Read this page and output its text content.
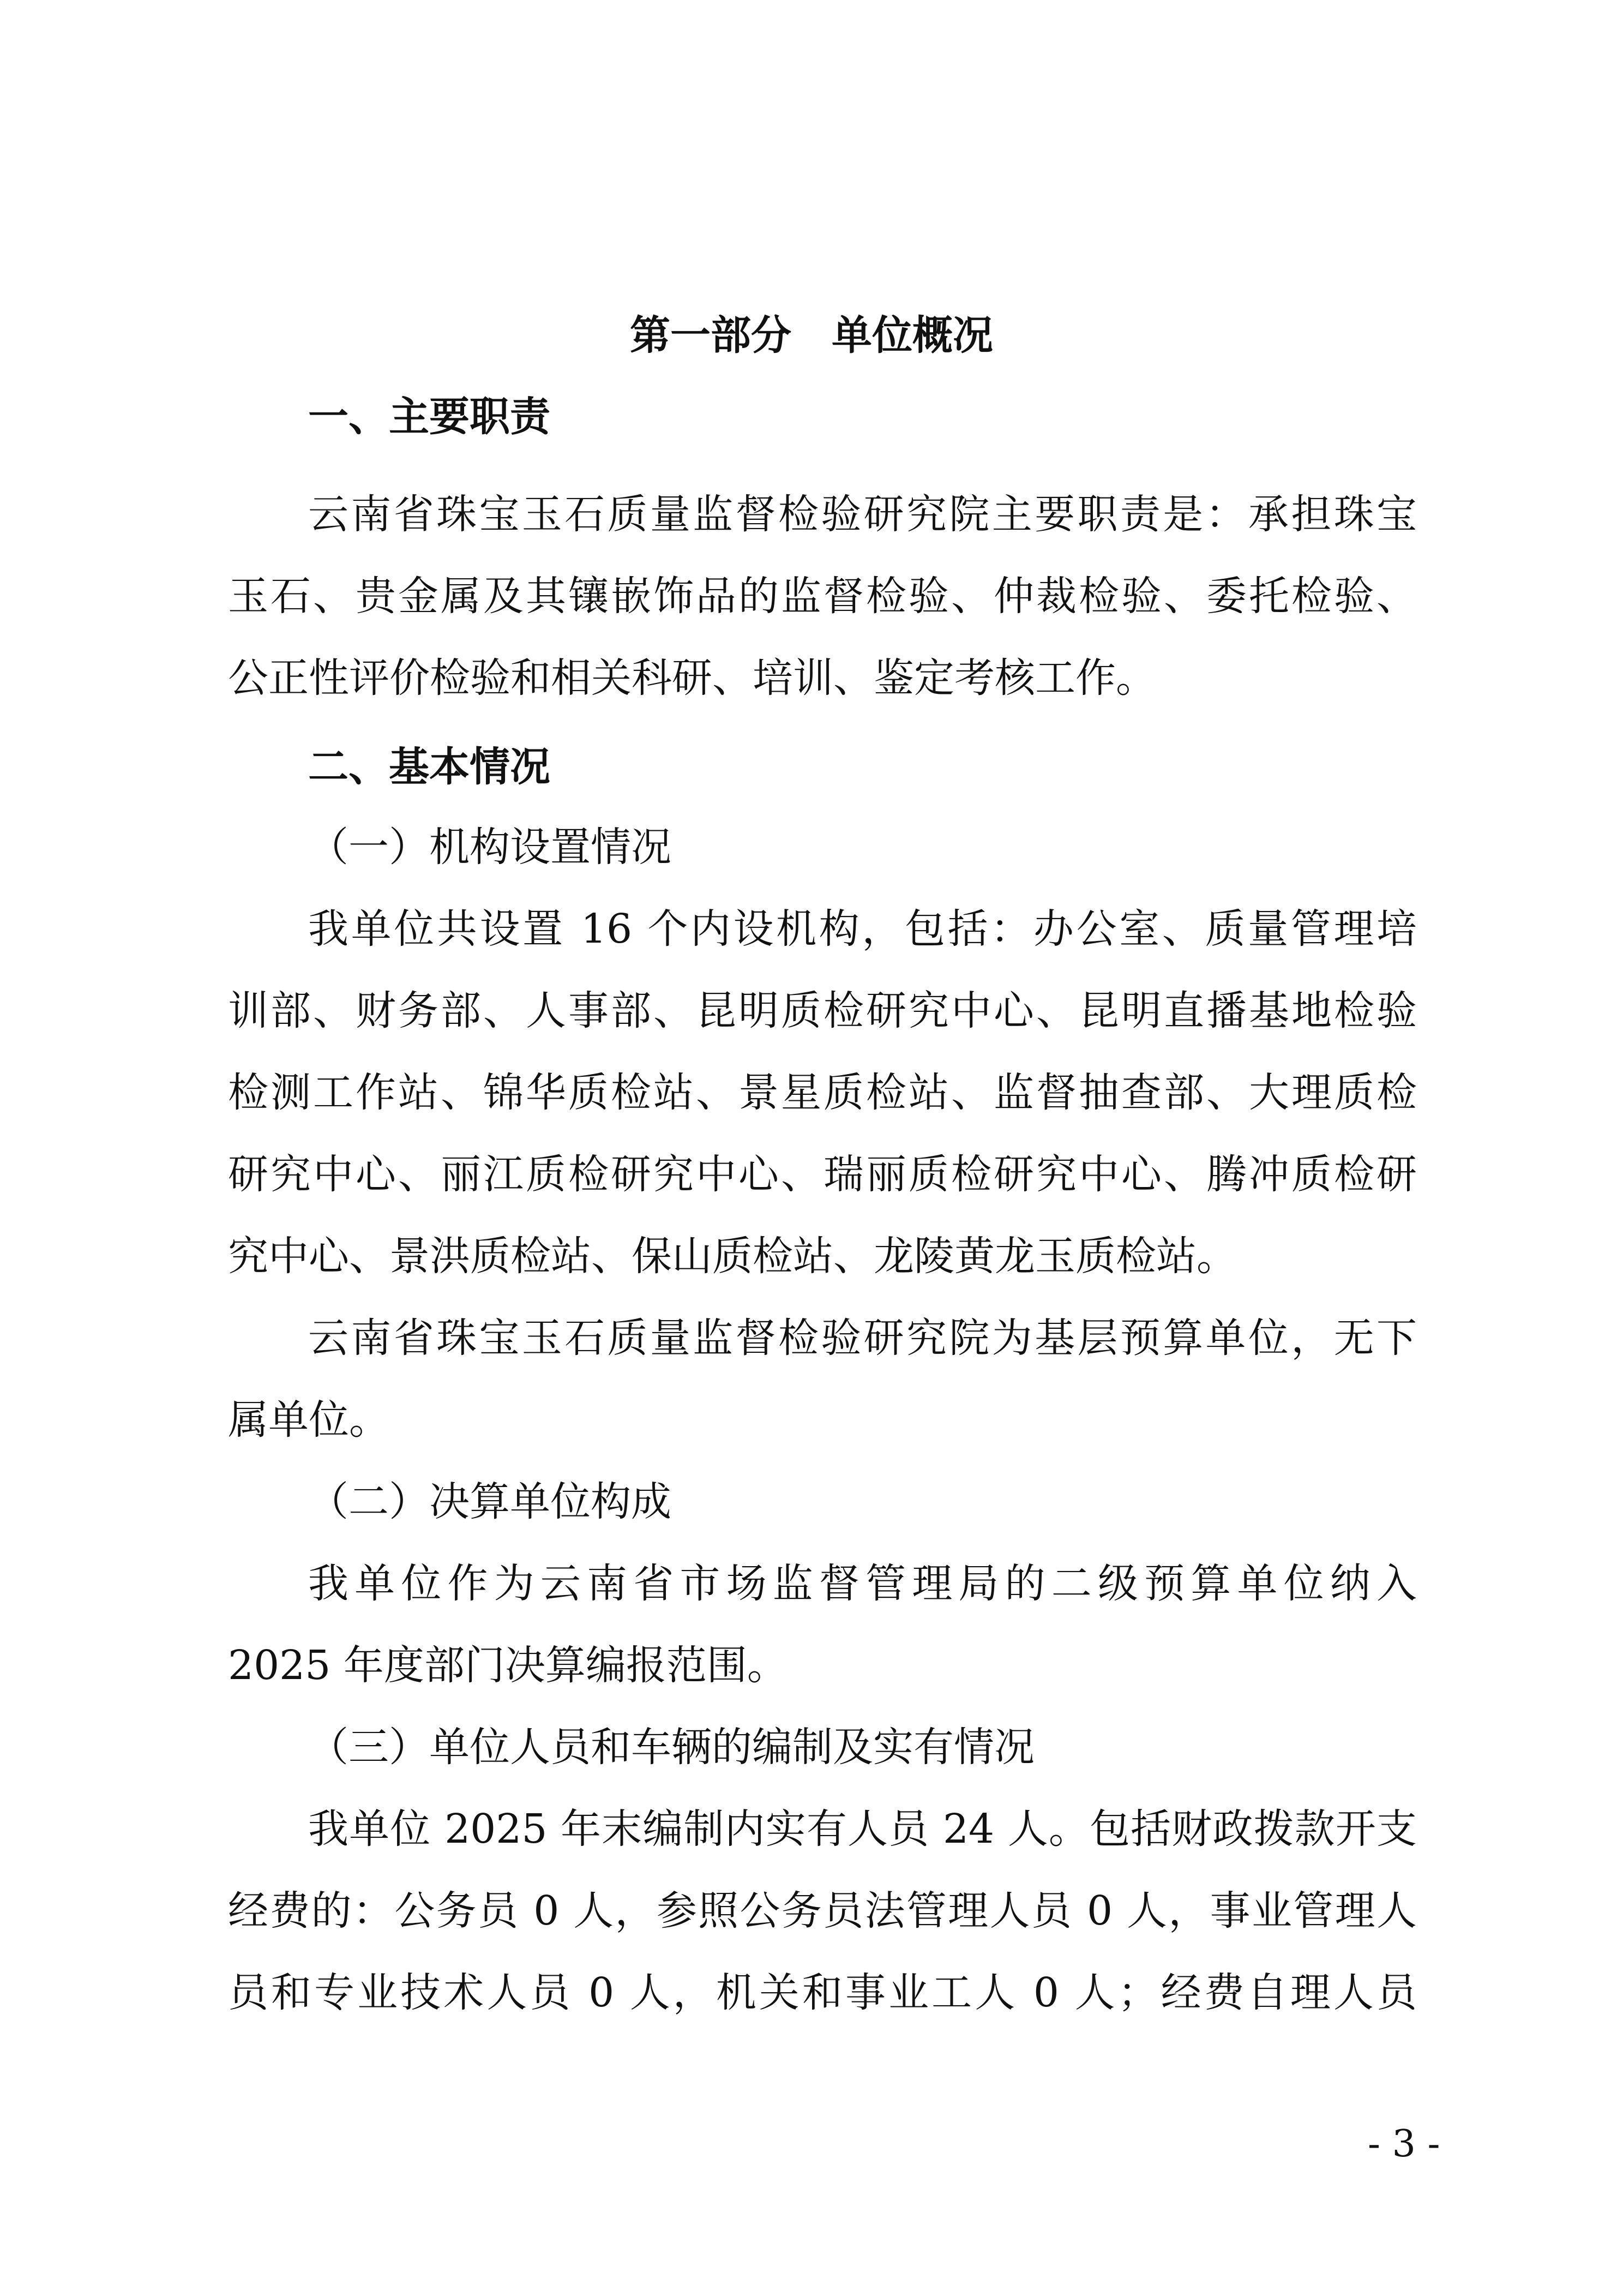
第一部分　单位概况
一、主要职责
云南省珠宝玉石质量监督检验研究院主要职责是：承担珠宝
玉石、贵金属及其镶嵌饰品的监督检验、仲裁检验、委托检验、
公正性评价检验和相关科研、培训、鉴定考核工作。
二、基本情况
（一）机构设置情况
我单位共设置 16 个内设机构，包括：办公室、质量管理培
训部、财务部、人事部、昆明质检研究中心、昆明直播基地检验
检测工作站、锦华质检站、景星质检站、监督抽查部、大理质检
研究中心、丽江质检研究中心、瑞丽质检研究中心、腾冲质检研
究中心、景洪质检站、保山质检站、龙陵黄龙玉质检站。
云南省珠宝玉石质量监督检验研究院为基层预算单位，无下
属单位。
（二）决算单位构成
我单位作为云南省市场监督管理局的二级预算单位纳入
2025 年度部门决算编报范围。
（三）单位人员和车辆的编制及实有情况
我单位 2025 年末编制内实有人员 24 人。包括财政拨款开支
经费的：公务员 0 人，参照公务员法管理人员 0 人，事业管理人
员和专业技术人员 0 人，机关和事业工人 0 人；经费自理人员
- 3 -
